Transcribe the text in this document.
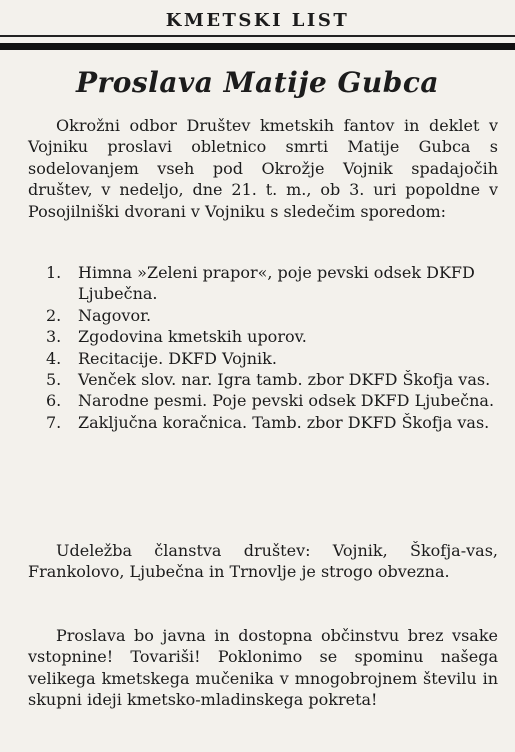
KMETSKI LIST
Proslava Matije Gubca
Okrožni odbor Društev kmetskih fantov in deklet v Vojniku proslavi obletnico smrti Matije Gubca s sodelovanjem vseh pod Okrožje Vojnik spadajočih društev, v nedeljo, dne 21. t. m., ob 3. uri popoldne v Posojilniški dvorani v Vojniku s sledečim sporedom:
1.	Himna »Zeleni prapor«, poje pevski odsek DKFD Ljubečna.
2.	Nagovor.
3.	Zgodovina kmetskih uporov.
4.	Recitacije. DKFD Vojnik.
5.	Venček slov. nar. Igra tamb. zbor DKFD Škofja vas.
6.	Narodne pesmi. Poje pevski odsek DKFD Ljubečna.
7.	Zaključna koračnica. Tamb. zbor DKFD Škofja vas.
Udeležba članstva društev: Vojnik, Škofja-vas, Frankolovo, Ljubečna in Trnovlje je strogo obvezna.
Proslava bo javna in dostopna občinstvu brez vsake vstopnine! Tovariši! Poklonimo se spominu našega velikega kmetskega mučenika v mnogobrojnem številu in skupni ideji kmetsko-mladinskega pokreta!
